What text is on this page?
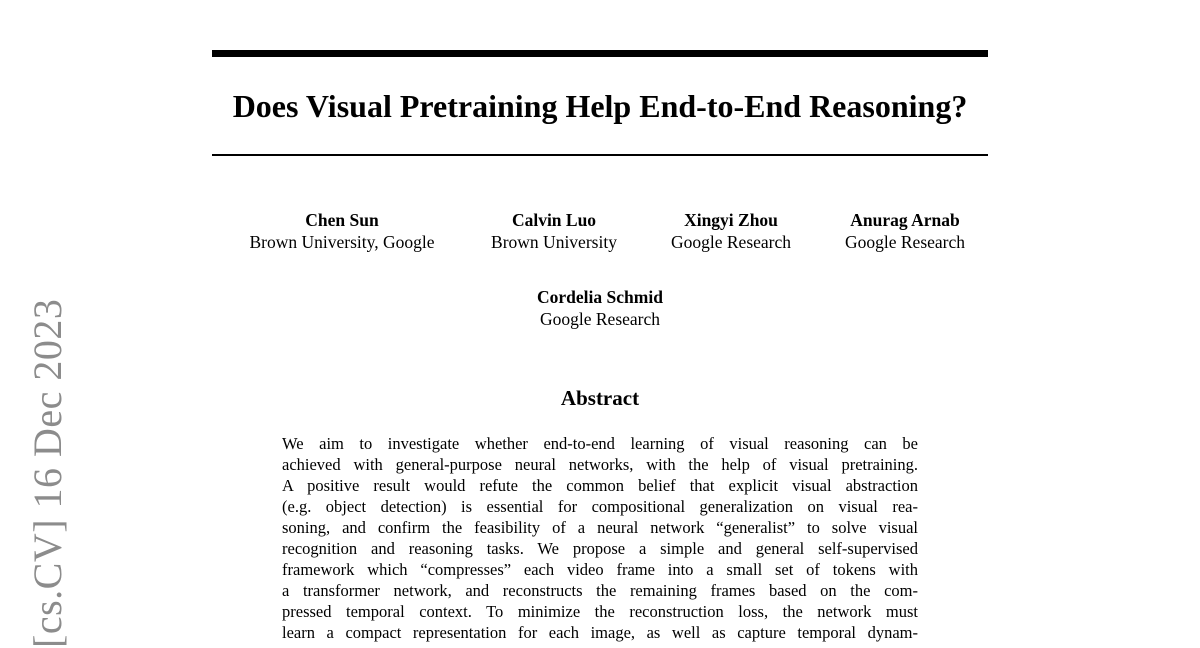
Does Visual Pretraining Help End-to-End Reasoning?
Chen Sun
Brown University, Google
Calvin Luo
Brown University
Xingyi Zhou
Google Research
Anurag Arnab
Google Research
Cordelia Schmid
Google Research
Abstract
We aim to investigate whether end-to-end learning of visual reasoning can be
achieved with general-purpose neural networks, with the help of visual pretraining.
A positive result would refute the common belief that explicit visual abstraction
(e.g. object detection) is essential for compositional generalization on visual rea-
soning, and confirm the feasibility of a neural network “generalist” to solve visual
recognition and reasoning tasks. We propose a simple and general self-supervised
framework which “compresses” each video frame into a small set of tokens with
a transformer network, and reconstructs the remaining frames based on the com-
pressed temporal context. To minimize the reconstruction loss, the network must
learn a compact representation for each image, as well as capture temporal dynam-
[cs.CV] 16 Dec 2023
